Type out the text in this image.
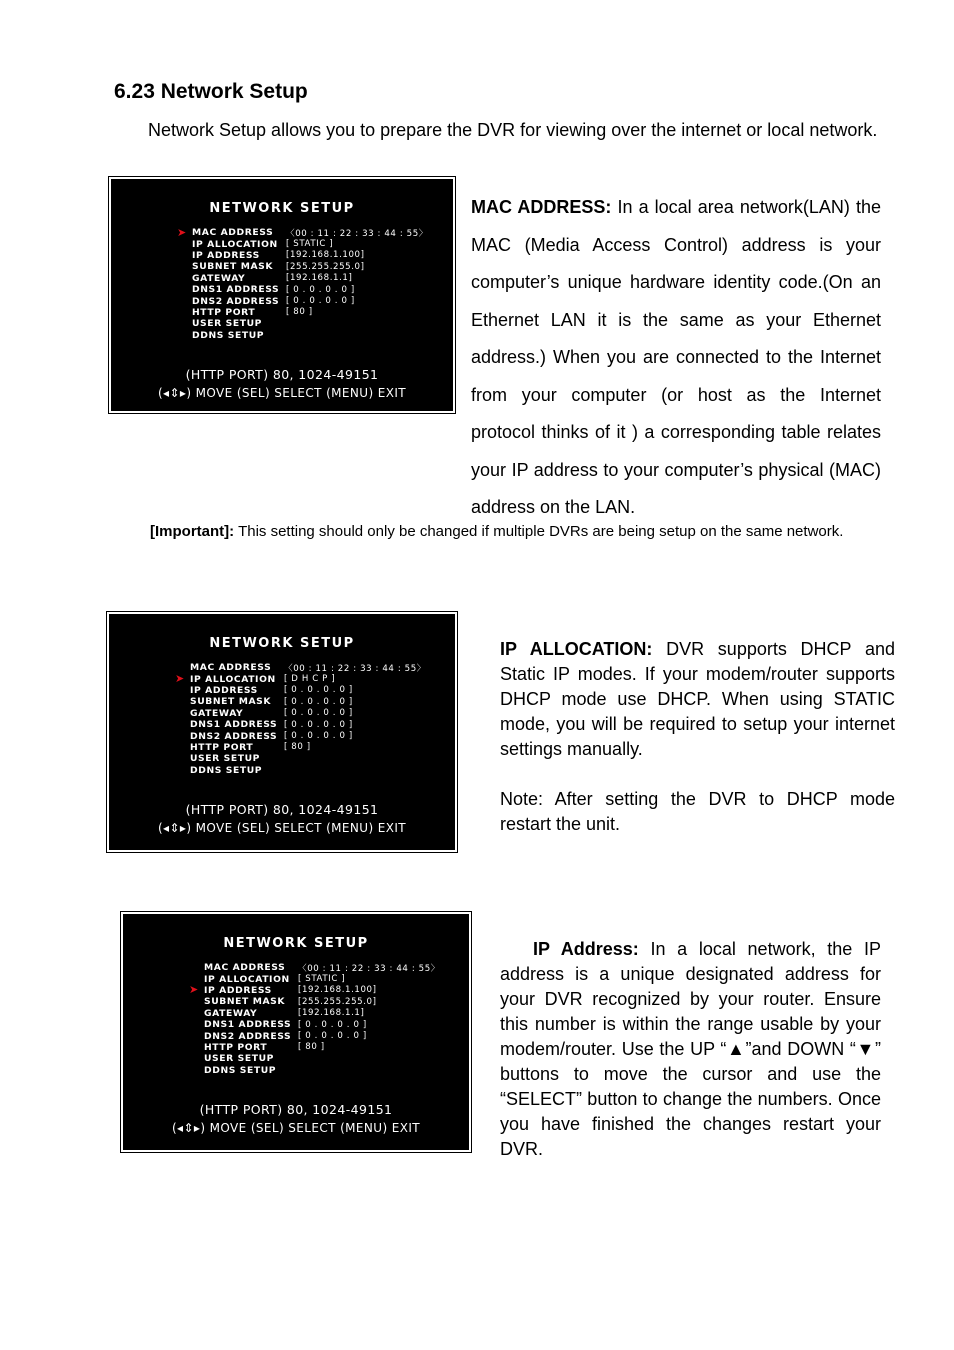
6.23 Network Setup

Network Setup allows you to prepare the DVR for viewing over the internet or local network.

NETWORK SETUP
➤ MAC ADDRESS	〈00 : 11 : 22 : 33 : 44 : 55〉
IP ALLOCATION [ STATIC ]
IP ADDRESS	[192.168.1.100]
SUBNET MASK	[255.255.255.0]
GATEWAY	[192.168.1.1]
DNS1 ADDRESS [ 0 . 0 . 0 . 0 ]
DNS2 ADDRESS [ 0 . 0 . 0 . 0 ]
HTTP PORT	[ 80 ]
USER SETUP
DDNS SETUP
(HTTP PORT) 80, 1024-49151
(◂⇕▸) MOVE (SEL) SELECT (MENU) EXIT

MAC ADDRESS: In a local area network(LAN) the MAC (Media Access Control) address is your computer’s unique hardware identity code.(On an Ethernet LAN it is the same as your Ethernet address.) When you are connected to the Internet from your computer (or host as the Internet protocol thinks of it ) a corresponding table relates your IP address to your computer’s physical (MAC) address on the LAN.

[Important]: This setting should only be changed if multiple DVRs are being setup on the same network.

NETWORK SETUP
MAC ADDRESS	〈00 : 11 : 22 : 33 : 44 : 55〉
➤ IP ALLOCATION [ D H C P ]
IP ADDRESS	[ 0 . 0 . 0 . 0 ]
SUBNET MASK	[ 0 . 0 . 0 . 0 ]
GATEWAY	[ 0 . 0 . 0 . 0 ]
DNS1 ADDRESS [ 0 . 0 . 0 . 0 ]
DNS2 ADDRESS [ 0 . 0 . 0 . 0 ]
HTTP PORT	[ 80 ]
USER SETUP
DDNS SETUP
(HTTP PORT) 80, 1024-49151
(◂⇕▸) MOVE (SEL) SELECT (MENU) EXIT

IP ALLOCATION: DVR supports DHCP and Static IP modes. If your modem/router supports DHCP mode use DHCP. When using STATIC mode, you will be required to setup your internet settings manually.

Note: After setting the DVR to DHCP mode restart the unit.

NETWORK SETUP
MAC ADDRESS	〈00 : 11 : 22 : 33 : 44 : 55〉
IP ALLOCATION [ STATIC ]
➤ IP ADDRESS	[192.168.1.100]
SUBNET MASK	[255.255.255.0]
GATEWAY	[192.168.1.1]
DNS1 ADDRESS [ 0 . 0 . 0 . 0 ]
DNS2 ADDRESS [ 0 . 0 . 0 . 0 ]
HTTP PORT	[ 80 ]
USER SETUP
DDNS SETUP
(HTTP PORT) 80, 1024-49151
(◂⇕▸) MOVE (SEL) SELECT (MENU) EXIT

IP Address: In a local network, the IP address is a unique designated address for your DVR recognized by your router. Ensure this number is within the range usable by your modem/router. Use the UP “▲”and DOWN “▼” buttons to move the cursor and use the “SELECT” button to change the numbers. Once you have finished the changes restart your DVR.
